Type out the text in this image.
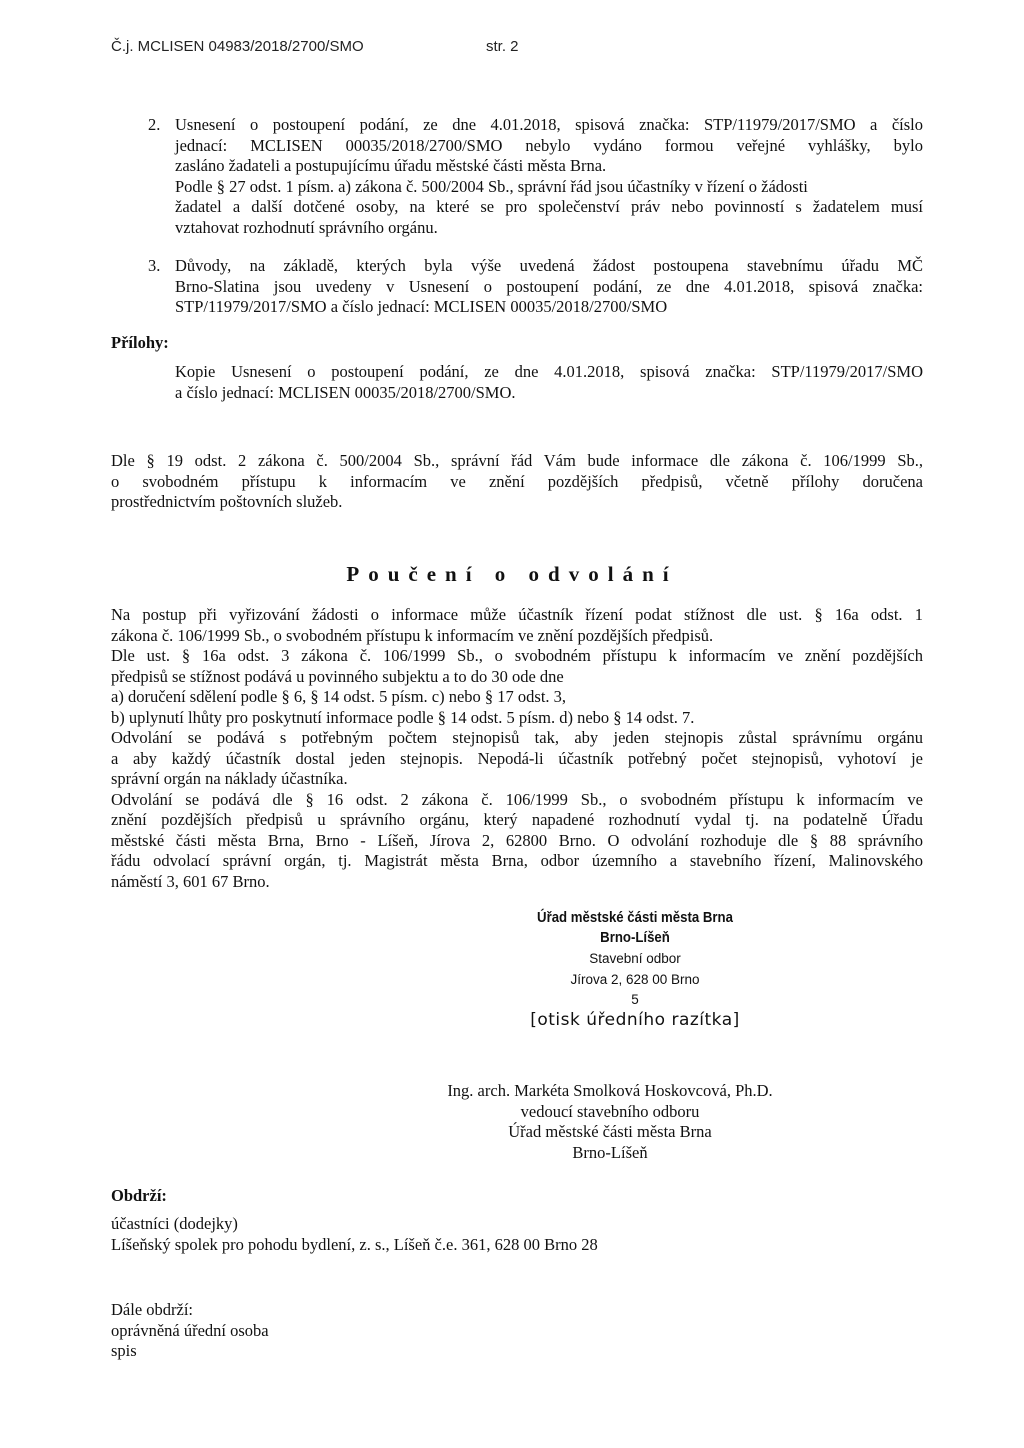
Č.j. MCLISEN 04983/2018/2700/SMO	str. 2
2. Usnesení o postoupení podání, ze dne 4.01.2018, spisová značka: STP/11979/2017/SMO a číslo
jednací: MCLISEN 00035/2018/2700/SMO nebylo vydáno formou veřejné vyhlášky, bylo
zasláno žadateli a postupujícímu úřadu městské části města Brna.
Podle § 27 odst. 1 písm. a) zákona č. 500/2004 Sb., správní řád jsou účastníky v řízení o žádosti
žadatel a další dotčené osoby, na které se pro společenství práv nebo povinností s žadatelem musí
vztahovat rozhodnutí správního orgánu.
3. Důvody, na základě, kterých byla výše uvedená žádost postoupena stavebnímu úřadu MČ
Brno-Slatina jsou uvedeny v Usnesení o postoupení podání, ze dne 4.01.2018, spisová značka:
STP/11979/2017/SMO a číslo jednací: MCLISEN 00035/2018/2700/SMO
Přílohy:
Kopie Usnesení o postoupení podání, ze dne 4.01.2018, spisová značka: STP/11979/2017/SMO
a číslo jednací: MCLISEN 00035/2018/2700/SMO.
Dle § 19 odst. 2 zákona č. 500/2004 Sb., správní řád Vám bude informace dle zákona č. 106/1999 Sb.,
o svobodném přístupu k informacím ve znění pozdějších předpisů, včetně přílohy doručena
prostřednictvím poštovních služeb.
Poučení o odvolání
Na postup při vyřizování žádosti o informace může účastník řízení podat stížnost dle ust. § 16a odst. 1
zákona č. 106/1999 Sb., o svobodném přístupu k informacím ve znění pozdějších předpisů.
Dle ust. § 16a odst. 3 zákona č. 106/1999 Sb., o svobodném přístupu k informacím ve znění pozdějších
předpisů se stížnost podává u povinného subjektu a to do 30 ode dne
a) doručení sdělení podle § 6, § 14 odst. 5 písm. c) nebo § 17 odst. 3,
b) uplynutí lhůty pro poskytnutí informace podle § 14 odst. 5 písm. d) nebo § 14 odst. 7.
Odvolání se podává s potřebným počtem stejnopisů tak, aby jeden stejnopis zůstal správnímu orgánu
a aby každý účastník dostal jeden stejnopis. Nepodá-li účastník potřebný počet stejnopisů, vyhotoví je
správní orgán na náklady účastníka.
Odvolání se podává dle § 16 odst. 2 zákona č. 106/1999 Sb., o svobodném přístupu k informacím ve
znění pozdějších předpisů u správního orgánu, který napadené rozhodnutí vydal tj. na podatelně Úřadu
městské části města Brna, Brno - Líšeň, Jírova 2, 62800 Brno. O odvolání rozhoduje dle § 88 správního
řádu odvolací správní orgán, tj. Magistrát města Brna, odbor územního a stavebního řízení, Malinovského
náměstí 3, 601 67 Brno.
Úřad městské části města Brna
Brno-Líšeň
Stavební odbor
Jírova 2, 628 00 Brno
5
[otisk úředního razítka]
Ing. arch. Markéta Smolková Hoskovcová, Ph.D.
vedoucí stavebního odboru
Úřad městské části města Brna
Brno-Líšeň
Obdrží:
účastníci (dodejky)
Líšeňský spolek pro pohodu bydlení, z. s., Líšeň č.e. 361, 628 00 Brno 28
Dále obdrží:
oprávněná úřední osoba
spis
